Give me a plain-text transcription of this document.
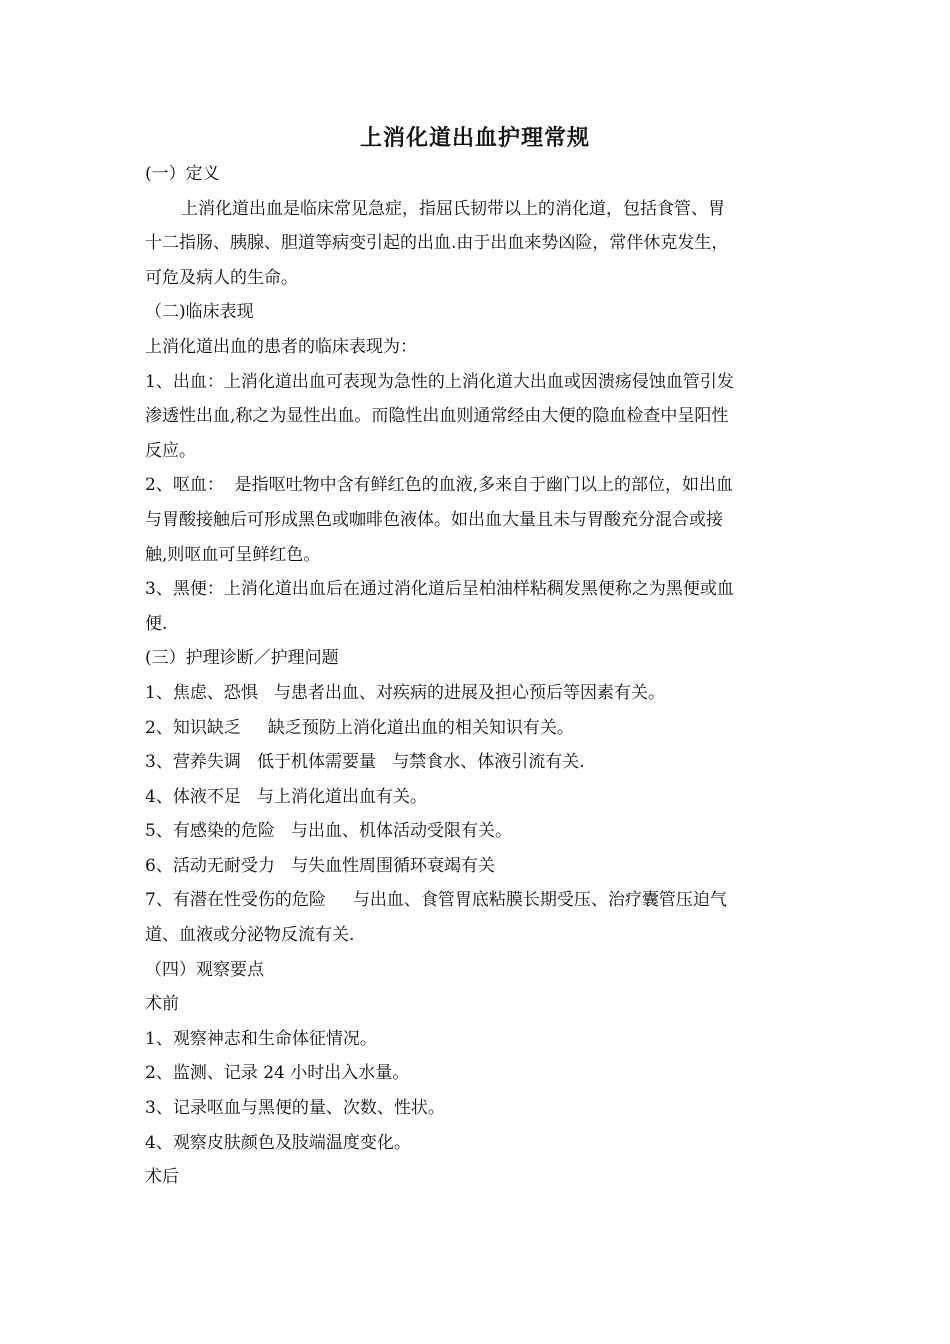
上消化道出血护理常规

(一）定义

上消化道出血是临床常见急症，指屈氏韧带以上的消化道，包括食管、胃

十二指肠、胰腺、胆道等病变引起的出血.由于出血来势凶险，常伴休克发生，

可危及病人的生命。

（二)临床表现

上消化道出血的患者的临床表现为：

1、出血：上消化道出血可表现为急性的上消化道大出血或因溃疡侵蚀血管引发

渗透性出血,称之为显性出血。而隐性出血则通常经由大便的隐血检查中呈阳性

反应。

2、呕血：  是指呕吐物中含有鲜红色的血液,多来自于幽门以上的部位，如出血

与胃酸接触后可形成黑色或咖啡色液体。如出血大量且未与胃酸充分混合或接

触,则呕血可呈鲜红色。

3、黑便：上消化道出血后在通过消化道后呈柏油样粘稠发黑便称之为黑便或血

便.

(三）护理诊断／护理问题

1、焦虑、恐惧   与患者出血、对疾病的进展及担心预后等因素有关。

2、知识缺乏     缺乏预防上消化道出血的相关知识有关。

3、营养失调   低于机体需要量   与禁食水、体液引流有关.

4、体液不足   与上消化道出血有关。

5、有感染的危险   与出血、机体活动受限有关。

6、活动无耐受力   与失血性周围循环衰竭有关

7、有潜在性受伤的危险     与出血、食管胃底粘膜长期受压、治疗囊管压迫气

道、血液或分泌物反流有关.

（四）观察要点

术前

1、观察神志和生命体征情况。

2、监测、记录 24 小时出入水量。

3、记录呕血与黑便的量、次数、性状。

4、观察皮肤颜色及肢端温度变化。

术后
